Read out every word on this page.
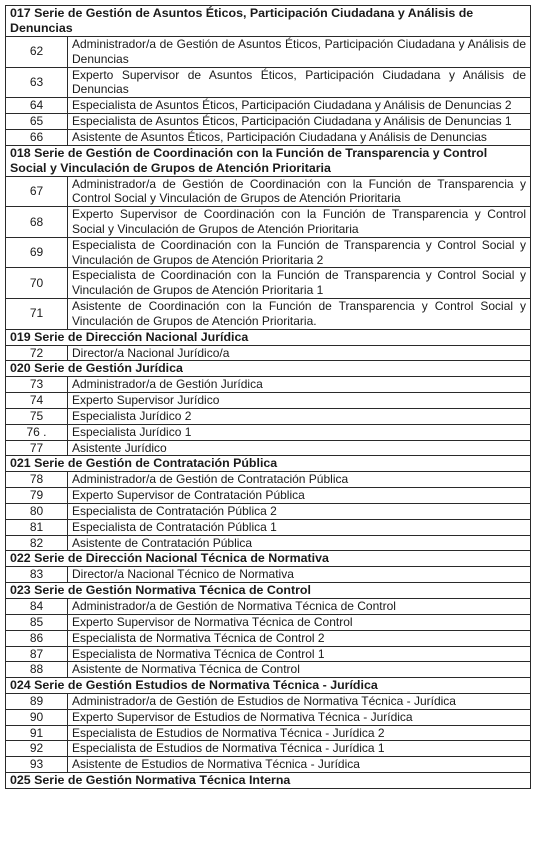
017 Serie de Gestión de Asuntos Éticos, Participación Ciudadana y Análisis de Denuncias	
62	Administrador/a de Gestión de Asuntos Éticos, Participación Ciudadana y Análisis de Denuncias
63	Experto Supervisor de Asuntos Éticos, Participación Ciudadana y Análisis de Denuncias
64	Especialista de Asuntos Éticos, Participación Ciudadana y Análisis de Denuncias 2
65	Especialista de Asuntos Éticos, Participación Ciudadana y Análisis de Denuncias 1
66	Asistente de Asuntos Éticos, Participación Ciudadana y Análisis de Denuncias
018 Serie de Gestión de Coordinación con la Función de Transparencia y Control Social y Vinculación de Grupos de Atención Prioritaria	
67	Administrador/a de Gestión de Coordinación con la Función de Transparencia y Control Social y Vinculación de Grupos de Atención Prioritaria
68	Experto Supervisor de Coordinación con la Función de Transparencia y Control Social y Vinculación de Grupos de Atención Prioritaria
69	Especialista de Coordinación con la Función de Transparencia y Control Social y Vinculación de Grupos de Atención Prioritaria 2
70	Especialista de Coordinación con la Función de Transparencia y Control Social y Vinculación de Grupos de Atención Prioritaria 1
71	Asistente de Coordinación con la Función de Transparencia y Control Social y Vinculación de Grupos de Atención Prioritaria.
019 Serie de Dirección Nacional Jurídica	
72	Director/a Nacional Jurídico/a
020 Serie de Gestión Jurídica	
73	Administrador/a de Gestión Jurídica
74	Experto Supervisor Jurídico
75	Especialista Jurídico 2
76 .	Especialista Jurídico 1
77	Asistente Jurídico
021 Serie de Gestión de Contratación Pública	
78	Administrador/a de Gestión de Contratación Pública
79	Experto Supervisor de Contratación Pública
80	Especialista de Contratación Pública 2
81	Especialista de Contratación Pública 1
82	Asistente de Contratación Pública
022 Serie de Dirección Nacional Técnica de Normativa	
83	Director/a Nacional Técnico de Normativa
023 Serie de Gestión Normativa Técnica de Control	
84	Administrador/a de Gestión de Normativa Técnica de Control
85	Experto Supervisor de Normativa Técnica de Control
86	Especialista de Normativa Técnica de Control 2
87	Especialista de Normativa Técnica de Control 1
88	Asistente de Normativa Técnica de Control
024 Serie de Gestión Estudios de Normativa Técnica - Jurídica	
89	Administrador/a de Gestión de Estudios de Normativa Técnica - Jurídica
90	Experto Supervisor de Estudios de Normativa Técnica - Jurídica
91	Especialista de Estudios de Normativa Técnica - Jurídica 2
92	Especialista de Estudios de Normativa Técnica - Jurídica 1
93	Asistente de Estudios de Normativa Técnica - Jurídica
025 Serie de Gestión Normativa Técnica Interna	
